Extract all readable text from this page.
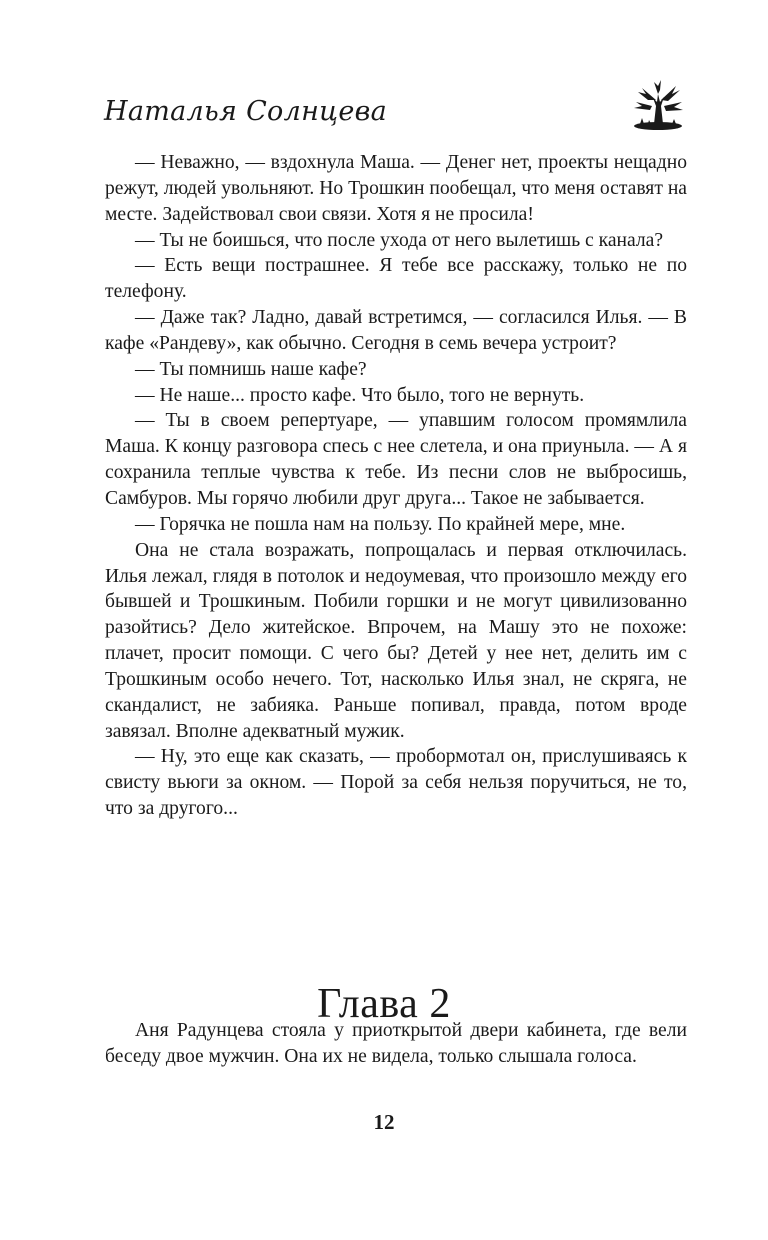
Наталья Солнцева

— Неважно, — вздохнула Маша. — Денег нет, проекты нещадно режут, людей увольняют. Но Трошкин пообещал, что меня оставят на месте. Задействовал свои связи. Хотя я не просила!

— Ты не боишься, что после ухода от него вылетишь с канала?

— Есть вещи пострашнее. Я тебе все расскажу, только не по телефону.

— Даже так? Ладно, давай встретимся, — согласился Илья. — В кафе «Рандеву», как обычно. Сегодня в семь вечера устроит?

— Ты помнишь наше кафе?

— Не наше... просто кафе. Что было, того не вернуть.

— Ты в своем репертуаре, — упавшим голосом промямлила Маша. К концу разговора спесь с нее слетела, и она приуныла. — А я сохранила теплые чувства к тебе. Из песни слов не выбросишь, Самбуров. Мы горячо любили друг друга... Такое не забывается.

— Горячка не пошла нам на пользу. По крайней мере, мне.

Она не стала возражать, попрощалась и первая отключилась. Илья лежал, глядя в потолок и недоумевая, что произошло между его бывшей и Трошкиным. Побили горшки и не могут цивилизованно разойтись? Дело житейское. Впрочем, на Машу это не похоже: плачет, просит помощи. С чего бы? Детей у нее нет, делить им с Трошкиным особо нечего. Тот, насколько Илья знал, не скряга, не скандалист, не забияка. Раньше попивал, правда, потом вроде завязал. Вполне адекватный мужик.

— Ну, это еще как сказать, — пробормотал он, прислушиваясь к свисту вьюги за окном. — Порой за себя нельзя поручиться, не то, что за другого...

Глава 2

Аня Радунцева стояла у приоткрытой двери кабинета, где вели беседу двое мужчин. Она их не видела, только слышала голоса.

12
